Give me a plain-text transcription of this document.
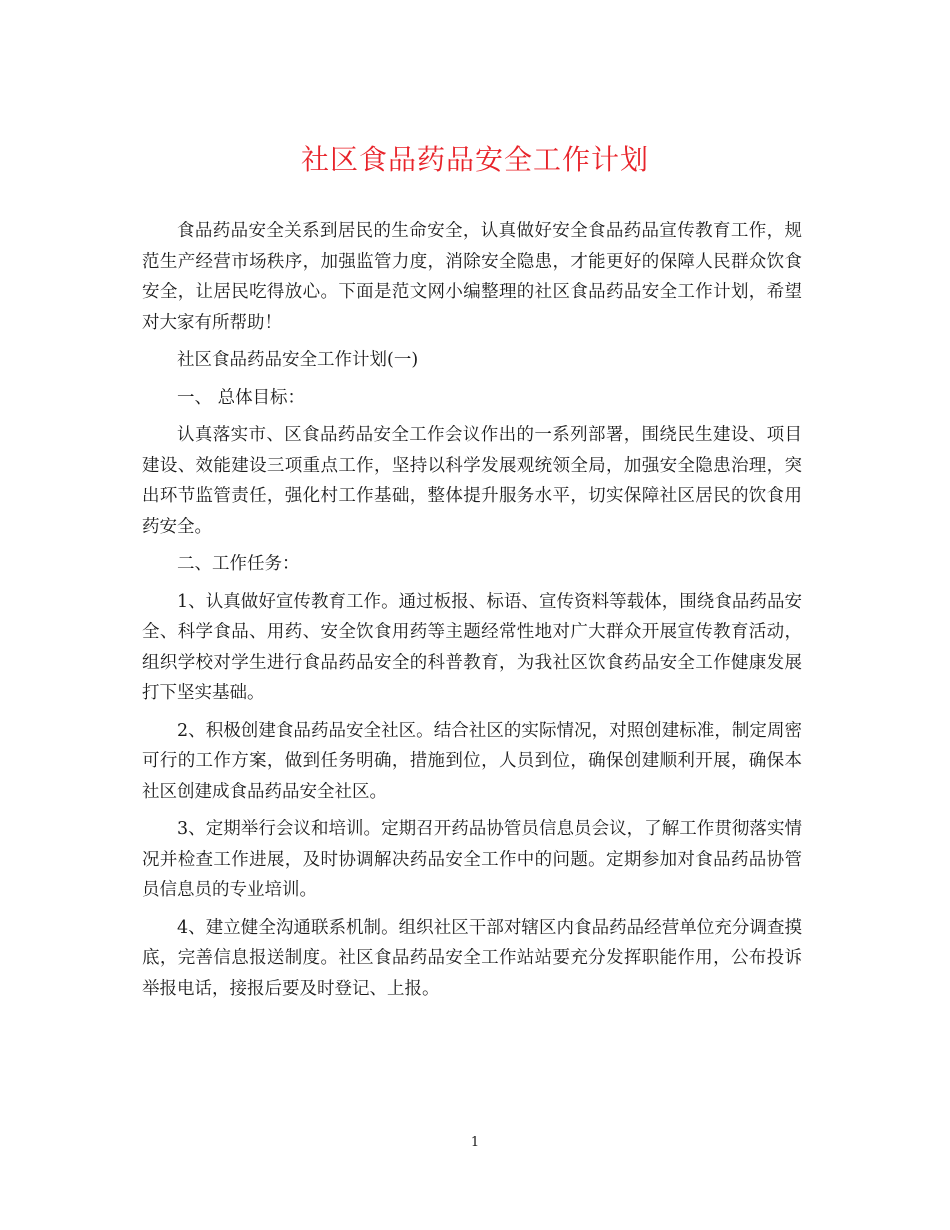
社区食品药品安全工作计划

食品药品安全关系到居民的生命安全，认真做好安全食品药品宣传教育工作，规范生产经营市场秩序，加强监管力度，消除安全隐患，才能更好的保障人民群众饮食安全，让居民吃得放心。下面是范文网小编整理的社区食品药品安全工作计划，希望对大家有所帮助！

社区食品药品安全工作计划(一)

一、 总体目标：

认真落实市、区食品药品安全工作会议作出的一系列部署，围绕民生建设、项目建设、效能建设三项重点工作，坚持以科学发展观统领全局，加强安全隐患治理，突出环节监管责任，强化村工作基础，整体提升服务水平，切实保障社区居民的饮食用药安全。

二、工作任务：

1、认真做好宣传教育工作。通过板报、标语、宣传资料等载体，围绕食品药品安全、科学食品、用药、安全饮食用药等主题经常性地对广大群众开展宣传教育活动，组织学校对学生进行食品药品安全的科普教育，为我社区饮食药品安全工作健康发展打下坚实基础。

2、积极创建食品药品安全社区。结合社区的实际情况，对照创建标准，制定周密可行的工作方案，做到任务明确，措施到位，人员到位，确保创建顺利开展，确保本社区创建成食品药品安全社区。

3、定期举行会议和培训。定期召开药品协管员信息员会议，了解工作贯彻落实情况并检查工作进展，及时协调解决药品安全工作中的问题。定期参加对食品药品协管员信息员的专业培训。

4、建立健全沟通联系机制。组织社区干部对辖区内食品药品经营单位充分调查摸底，完善信息报送制度。社区食品药品安全工作站站要充分发挥职能作用，公布投诉举报电话，接报后要及时登记、上报。

1
